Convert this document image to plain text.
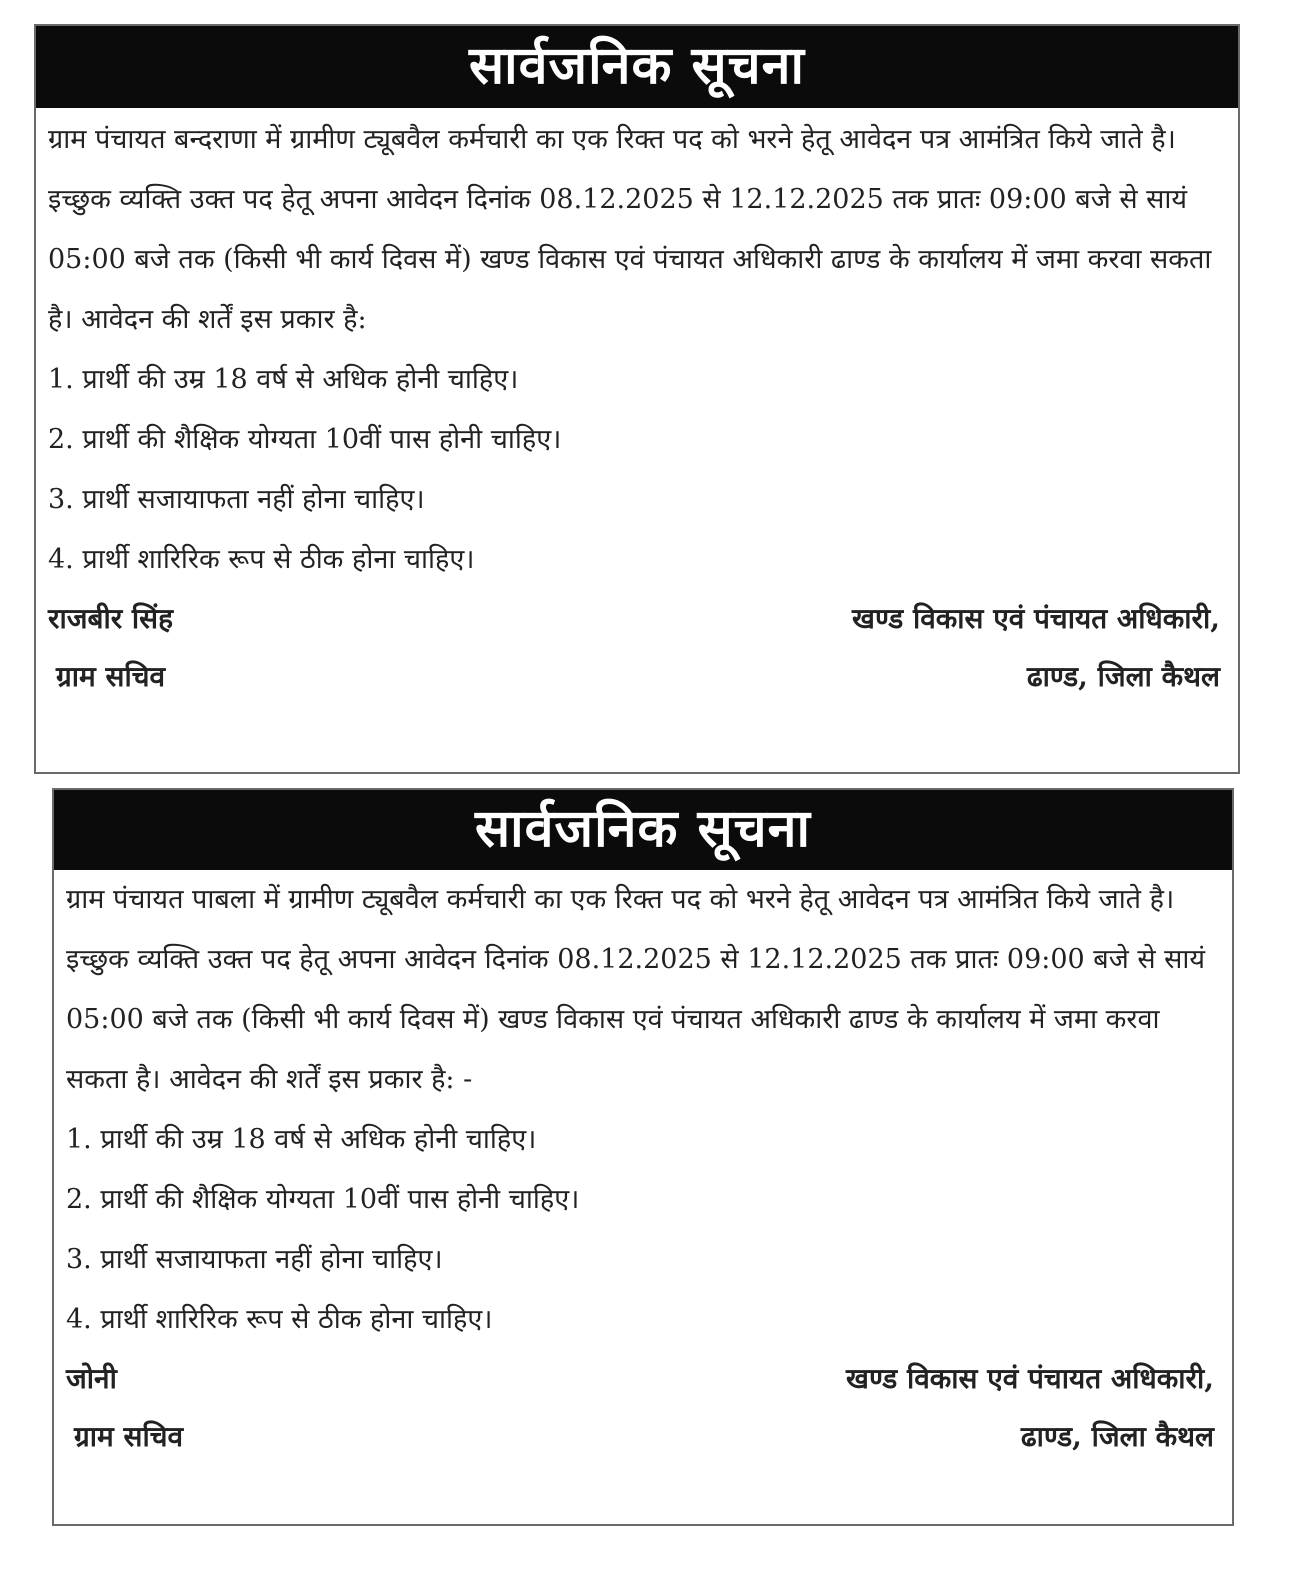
सार्वजनिक सूचना

ग्राम पंचायत बन्दराणा में ग्रामीण ट्यूबवैल कर्मचारी का एक रिक्त पद को भरने हेतू आवेदन पत्र आमंत्रित किये जाते है। इच्छुक व्यक्ति उक्त पद हेतू अपना आवेदन दिनांक 08.12.2025 से 12.12.2025 तक प्रातः 09:00 बजे से सायं 05:00 बजे तक (किसी भी कार्य दिवस में) खण्ड विकास एवं पंचायत अधिकारी ढाण्ड के कार्यालय में जमा करवा सकता है। आवेदन की शर्तें इस प्रकार है:

1. प्रार्थी की उम्र 18 वर्ष से अधिक होनी चाहिए।
2. प्रार्थी की शैक्षिक योग्यता 10वीं पास होनी चाहिए।
3. प्रार्थी सजायाफता नहीं होना चाहिए।
4. प्रार्थी शारिरिक रूप से ठीक होना चाहिए।
राजबीर सिंह
ग्राम सचिव
खण्ड विकास एवं पंचायत अधिकारी,
ढाण्ड, जिला कैथल
सार्वजनिक सूचना

ग्राम पंचायत पाबला में ग्रामीण ट्यूबवैल कर्मचारी का एक रिक्त पद को भरने हेतू आवेदन पत्र आमंत्रित किये जाते है। इच्छुक व्यक्ति उक्त पद हेतू अपना आवेदन दिनांक 08.12.2025 से 12.12.2025 तक प्रातः 09:00 बजे से सायं 05:00 बजे तक (किसी भी कार्य दिवस में) खण्ड विकास एवं पंचायत अधिकारी ढाण्ड के कार्यालय में जमा करवा सकता है। आवेदन की शर्तें इस प्रकार है: -

1. प्रार्थी की उम्र 18 वर्ष से अधिक होनी चाहिए।
2. प्रार्थी की शैक्षिक योग्यता 10वीं पास होनी चाहिए।
3. प्रार्थी सजायाफता नहीं होना चाहिए।
4. प्रार्थी शारिरिक रूप से ठीक होना चाहिए।
जोनी
ग्राम सचिव
खण्ड विकास एवं पंचायत अधिकारी,
ढाण्ड, जिला कैथल
